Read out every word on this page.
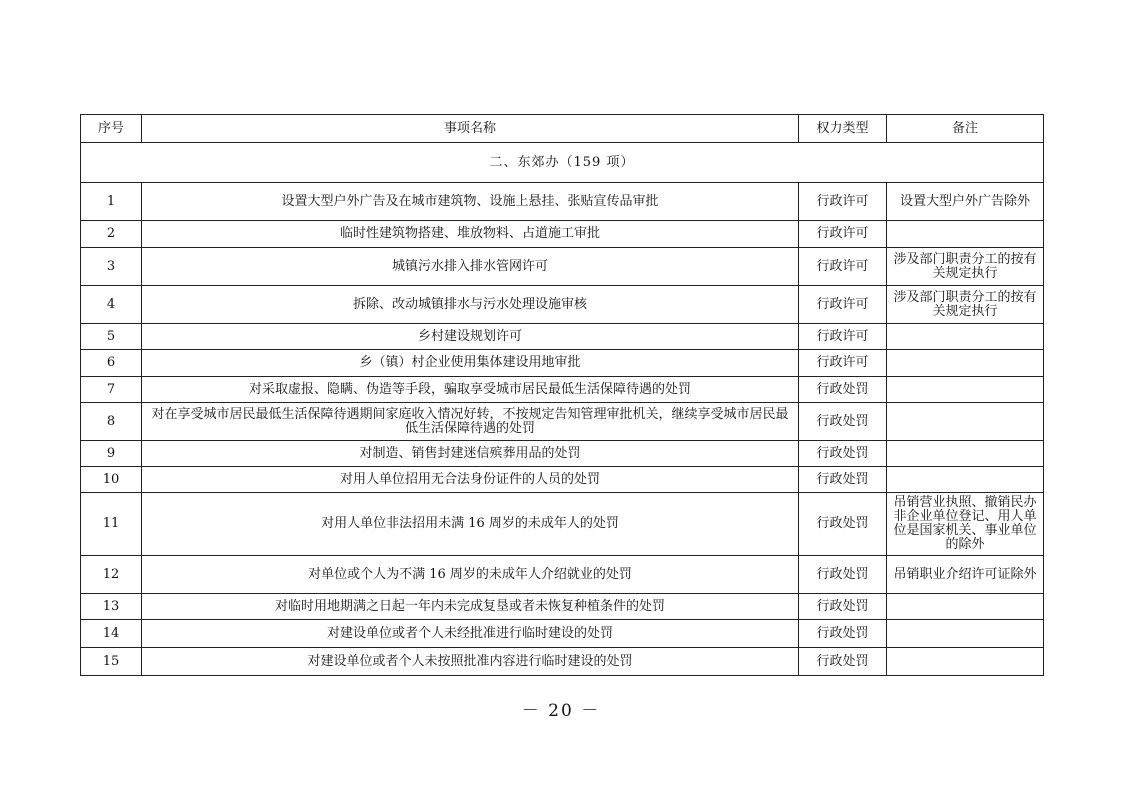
序号	事项名称	权力类型	备注
二、东郊办（159 项）			
1	设置大型户外广告及在城市建筑物、设施上悬挂、张贴宣传品审批	行政许可	设置大型户外广告除外
2	临时性建筑物搭建、堆放物料、占道施工审批	行政许可	
3	城镇污水排入排水管网许可	行政许可	涉及部门职责分工的按有关规定执行
4	拆除、改动城镇排水与污水处理设施审核	行政许可	涉及部门职责分工的按有关规定执行
5	乡村建设规划许可	行政许可	
6	乡（镇）村企业使用集体建设用地审批	行政许可	
7	对采取虚报、隐瞒、伪造等手段，骗取享受城市居民最低生活保障待遇的处罚	行政处罚	
8	对在享受城市居民最低生活保障待遇期间家庭收入情况好转，不按规定告知管理审批机关，继续享受城市居民最低生活保障待遇的处罚	行政处罚	
9	对制造、销售封建迷信殡葬用品的处罚	行政处罚	
10	对用人单位招用无合法身份证件的人员的处罚	行政处罚	
11	对用人单位非法招用未满 16 周岁的未成年人的处罚	行政处罚	吊销营业执照、撤销民办非企业单位登记、用人单位是国家机关、事业单位的除外
12	对单位或个人为不满 16 周岁的未成年人介绍就业的处罚	行政处罚	吊销职业介绍许可证除外
13	对临时用地期满之日起一年内未完成复垦或者未恢复种植条件的处罚	行政处罚	
14	对建设单位或者个人未经批准进行临时建设的处罚	行政处罚	
15	对建设单位或者个人未按照批准内容进行临时建设的处罚	行政处罚	
－ 20 －
